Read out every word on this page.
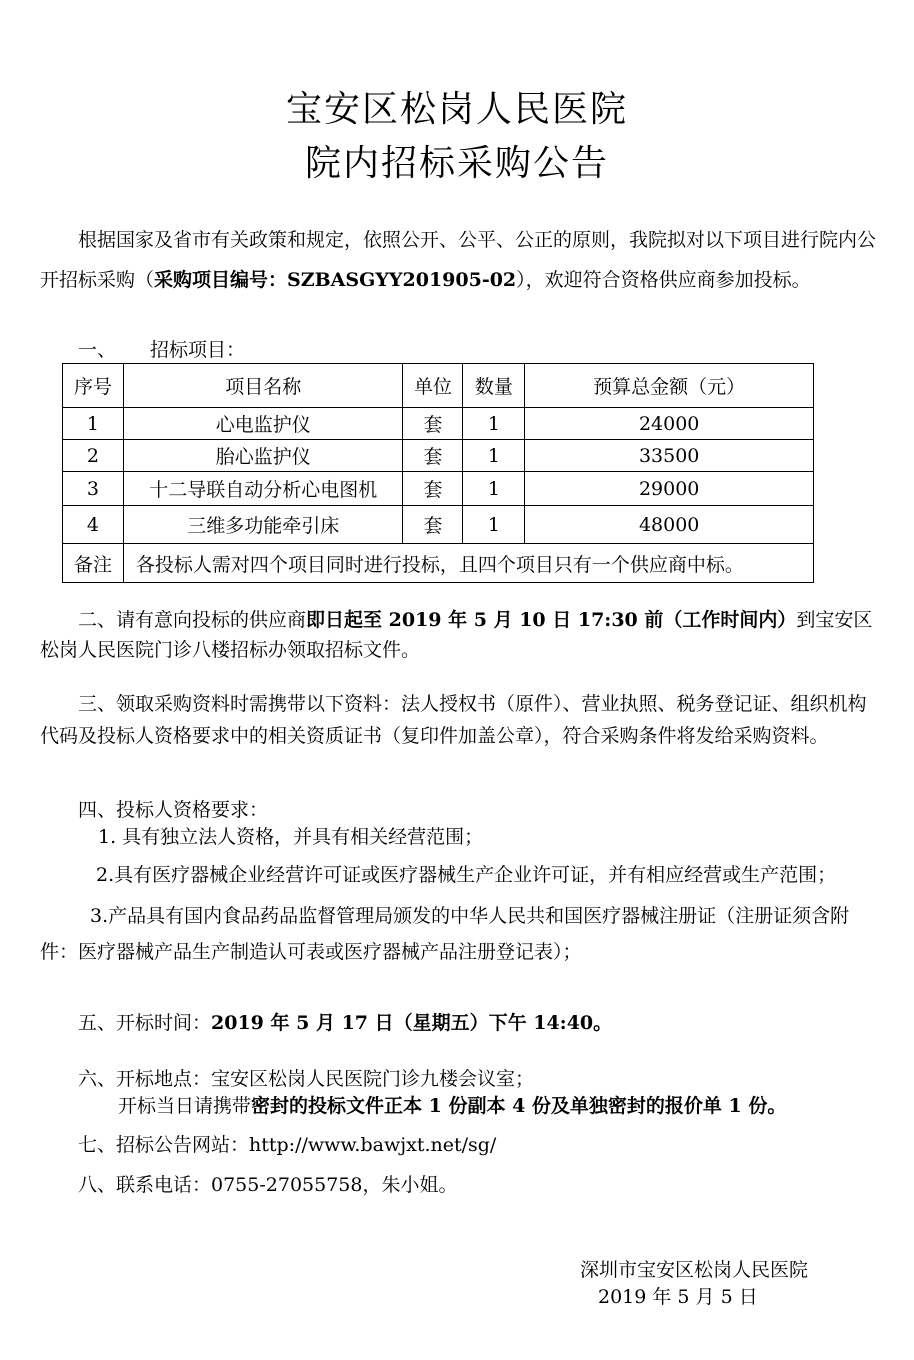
宝安区松岗人民医院
院内招标采购公告
根据国家及省市有关政策和规定，依照公开、公平、公正的原则，我院拟对以下项目进行院内公开招标采购（采购项目编号：SZBASGYY201905-02），欢迎符合资格供应商参加投标。
一、 招标项目：
序号	项目名称	单位	数量	预算总金额（元）
1	心电监护仪	套	1	24000
2	胎心监护仪	套	1	33500
3	十二导联自动分析心电图机	套	1	29000
4	三维多功能牵引床	套	1	48000
备注	各投标人需对四个项目同时进行投标，且四个项目只有一个供应商中标。			
二、请有意向投标的供应商即日起至 2019 年 5 月 10 日 17:30 前（工作时间内）到宝安区松岗人民医院门诊八楼招标办领取招标文件。
三、领取采购资料时需携带以下资料：法人授权书（原件）、营业执照、税务登记证、组织机构代码及投标人资格要求中的相关资质证书（复印件加盖公章），符合采购条件将发给采购资料。
四、投标人资格要求：
1. 具有独立法人资格，并具有相关经营范围；
2.具有医疗器械企业经营许可证或医疗器械生产企业许可证，并有相应经营或生产范围；
3.产品具有国内食品药品监督管理局颁发的中华人民共和国医疗器械注册证（注册证须含附件：医疗器械产品生产制造认可表或医疗器械产品注册登记表）；
五、开标时间：2019 年 5 月 17 日（星期五）下午 14:40。
六、开标地点：宝安区松岗人民医院门诊九楼会议室；
开标当日请携带密封的投标文件正本 1 份副本 4 份及单独密封的报价单 1 份。
七、招标公告网站：http://www.bawjxt.net/sg/
八、联系电话：0755-27055758，朱小姐。
深圳市宝安区松岗人民医院
2019 年 5 月 5 日
